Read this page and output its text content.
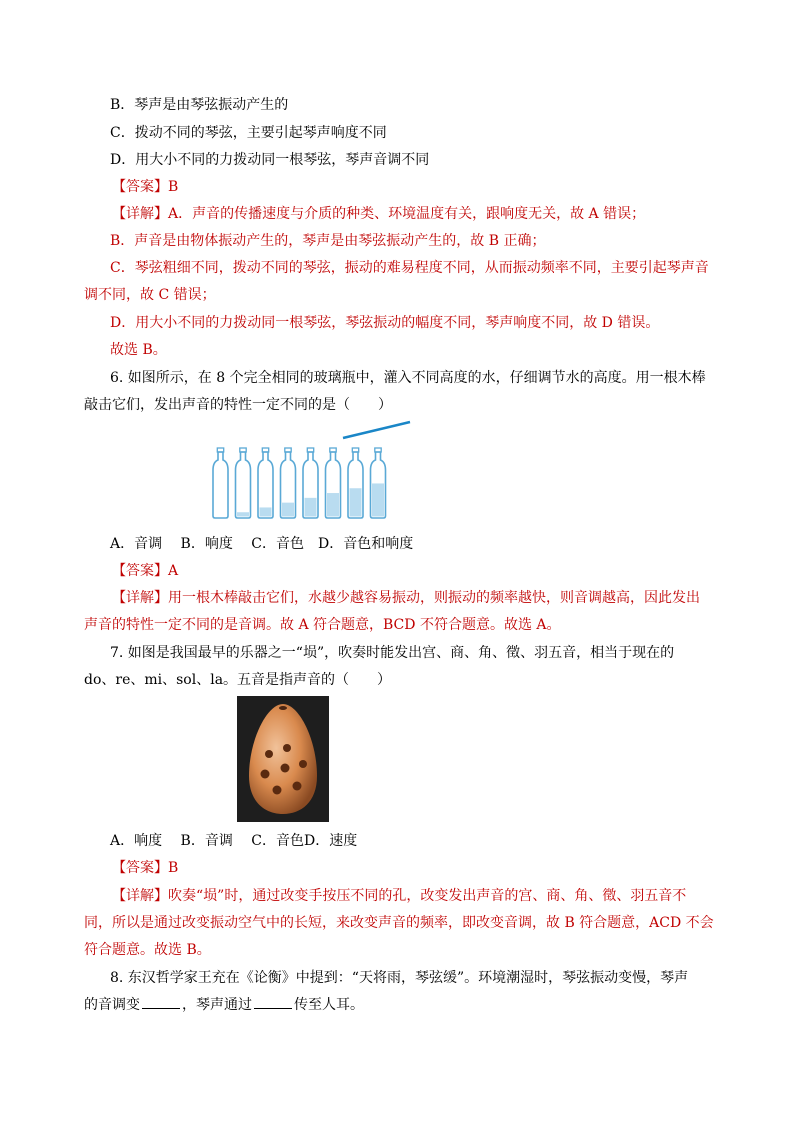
B．琴声是由琴弦振动产生的
C．拨动不同的琴弦，主要引起琴声响度不同
D．用大小不同的力拨动同一根琴弦，琴声音调不同
【答案】B
【详解】A．声音的传播速度与介质的种类、环境温度有关，跟响度无关，故 A 错误；
B．声音是由物体振动产生的，琴声是由琴弦振动产生的，故 B 正确；
C．琴弦粗细不同，拨动不同的琴弦，振动的难易程度不同，从而振动频率不同，主要引起琴声音
调不同，故 C 错误；
D．用大小不同的力拨动同一根琴弦，琴弦振动的幅度不同，琴声响度不同，故 D 错误。
故选 B。
6. 如图所示，在 8 个完全相同的玻璃瓶中，灌入不同高度的水，仔细调节水的高度。用一根木棒
敲击它们，发出声音的特性一定不同的是（　　）
A．音调　 B．响度　 C．音色　D．音色和响度
【答案】A
【详解】用一根木棒敲击它们，水越少越容易振动，则振动的频率越快，则音调越高，因此发出
声音的特性一定不同的是音调。故 A 符合题意，BCD 不符合题意。故选 A。
7. 如图是我国最早的乐器之一“埙”，吹奏时能发出宫、商、角、徵、羽五音，相当于现在的
do、re、mi、sol、la。五音是指声音的（　　）
A．响度　 B．音调　 C．音色D．速度
【答案】B
【详解】吹奏“埙”时，通过改变手按压不同的孔，改变发出声音的宫、商、角、徵、羽五音不
同，所以是通过改变振动空气中的长短，来改变声音的频率，即改变音调，故 B 符合题意，ACD 不会
符合题意。故选 B。
8. 东汉哲学家王充在《论衡》中提到：“天将雨，琴弦缓”。环境潮湿时，琴弦振动变慢，琴声
的音调变	，琴声通过	传至人耳。
